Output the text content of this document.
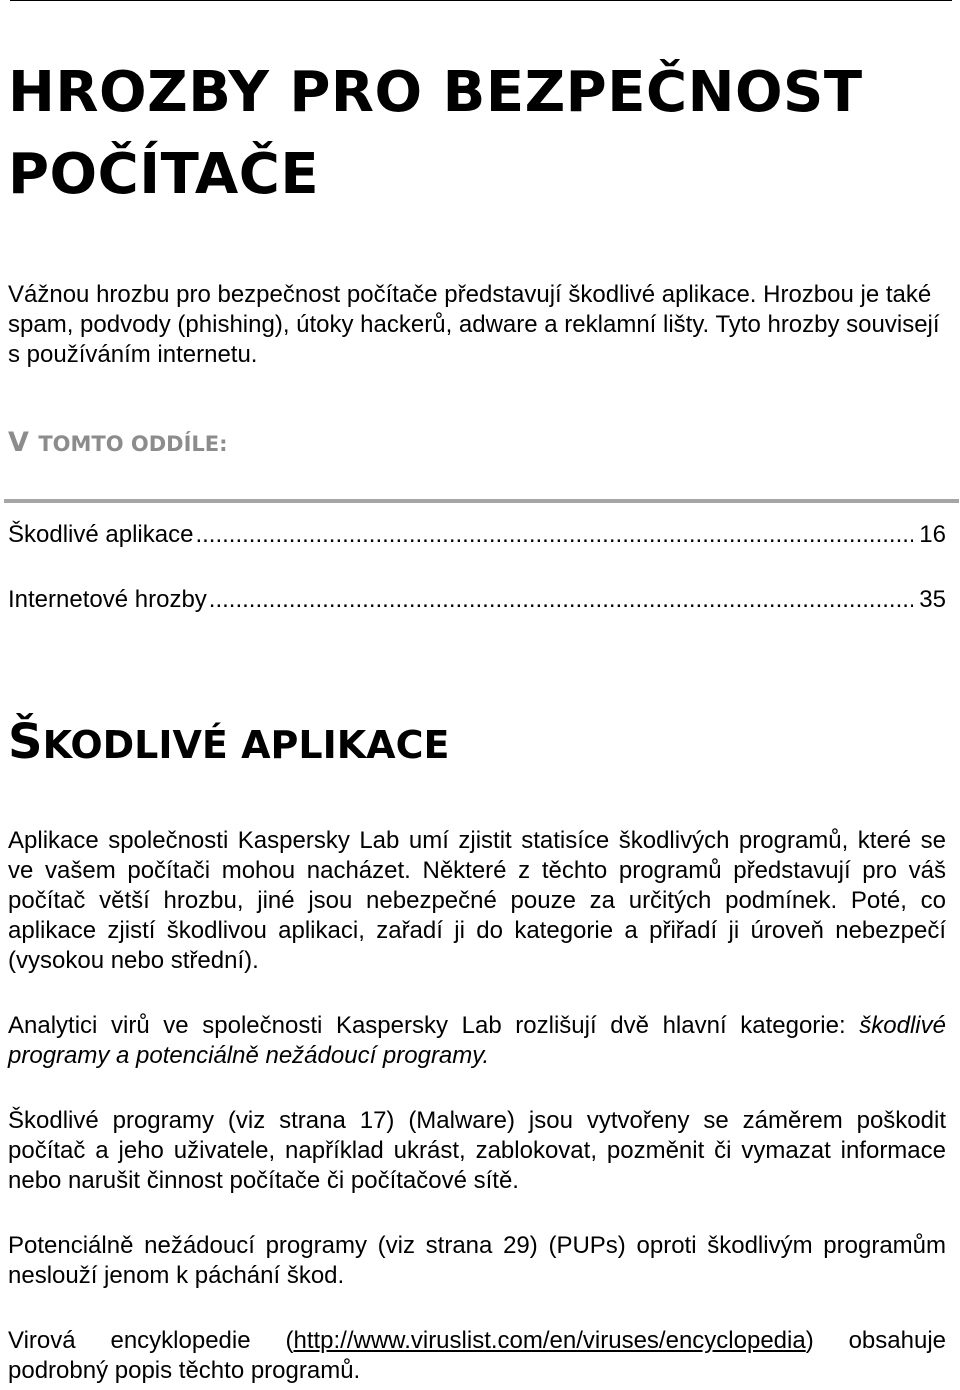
HROZBY PRO BEZPEČNOST POČÍTAČE

Vážnou hrozbu pro bezpečnost počítače představují škodlivé aplikace. Hrozbou je také spam, podvody (phishing), útoky hackerů, adware a reklamní lišty. Tyto hrozby souvisejí s používáním internetu.

V TOMTO ODDÍLE:
Škodlivé aplikace .....	16
Internetové hrozby .....	35
ŠKODLIVÉ APLIKACE

Aplikace společnosti Kaspersky Lab umí zjistit statisíce škodlivých programů, které se ve vašem počítači mohou nacházet. Některé z těchto programů představují pro váš počítač větší hrozbu, jiné jsou nebezpečné pouze za určitých podmínek. Poté, co aplikace zjistí škodlivou aplikaci, zařadí ji do kategorie a přiřadí ji úroveň nebezpečí (vysokou nebo střední).

Analytici virů ve společnosti Kaspersky Lab rozlišují dvě hlavní kategorie: škodlivé programy a potenciálně nežádoucí programy.

Škodlivé programy (viz strana 17) (Malware) jsou vytvořeny se záměrem poškodit počítač a jeho uživatele, například ukrást, zablokovat, pozměnit či vymazat informace nebo narušit činnost počítače či počítačové sítě.

Potenciálně nežádoucí programy (viz strana 29) (PUPs) oproti škodlivým programům neslouží jenom k páchání škod.

Virová encyklopedie (http://www.viruslist.com/en/viruses/encyclopedia) obsahuje podrobný popis těchto programů.
